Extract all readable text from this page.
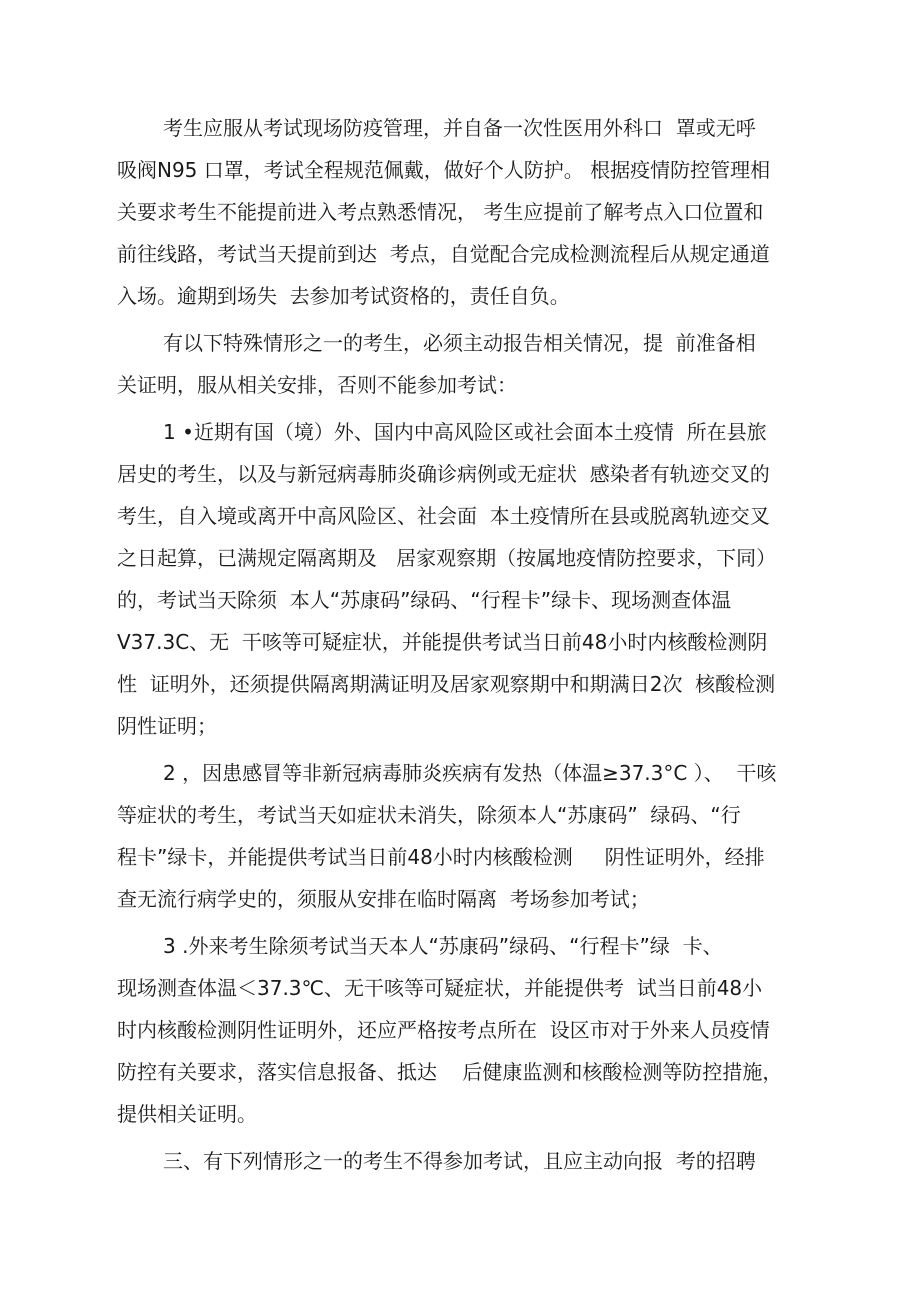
考生应服从考试现场防疫管理，并自备一次性医用外科口  罩或无呼
吸阀N95 口罩，考试全程规范佩戴，做好个人防护。 根据疫情防控管理相
关要求考生不能提前进入考点熟悉情况， 考生应提前了解考点入口位置和
前往线路，考试当天提前到达  考点，自觉配合完成检测流程后从规定通道
入场。逾期到场失  去参加考试资格的，责任自负。
有以下特殊情形之一的考生，必须主动报告相关情况，提  前准备相
关证明，服从相关安排，否则不能参加考试：
1 •近期有国（境）外、国内中高风险区或社会面本土疫情  所在县旅
居史的考生，以及与新冠病毒肺炎确诊病例或无症状  感染者有轨迹交叉的
考生，自入境或离开中高风险区、社会面  本土疫情所在县或脱离轨迹交叉
之日起算，已满规定隔离期及   居家观察期（按属地疫情防控要求，下同）
的，考试当天除须  本人“苏康码”绿码、“行程卡”绿卡、现场测查体温
V37.3C、无  干咳等可疑症状，并能提供考试当日前48小时内核酸检测阴
性  证明外，还须提供隔离期满证明及居家观察期中和期满日2次  核酸检测
阴性证明；
2 ，因患感冒等非新冠病毒肺炎疾病有发热（体温≥37.3°C ）、  干咳
等症状的考生，考试当天如症状未消失，除须本人“苏康码”  绿码、“行
程卡”绿卡，并能提供考试当日前48小时内核酸检测     阴性证明外，经排
查无流行病学史的，须服从安排在临时隔离  考场参加考试；
3 .外来考生除须考试当天本人“苏康码”绿码、“行程卡”绿  卡、
现场测查体温＜37.3℃、无干咳等可疑症状，并能提供考  试当日前48小
时内核酸检测阴性证明外，还应严格按考点所在  设区市对于外来人员疫情
防控有关要求，落实信息报备、抵达    后健康监测和核酸检测等防控措施，
提供相关证明。
三、有下列情形之一的考生不得参加考试，且应主动向报  考的招聘
